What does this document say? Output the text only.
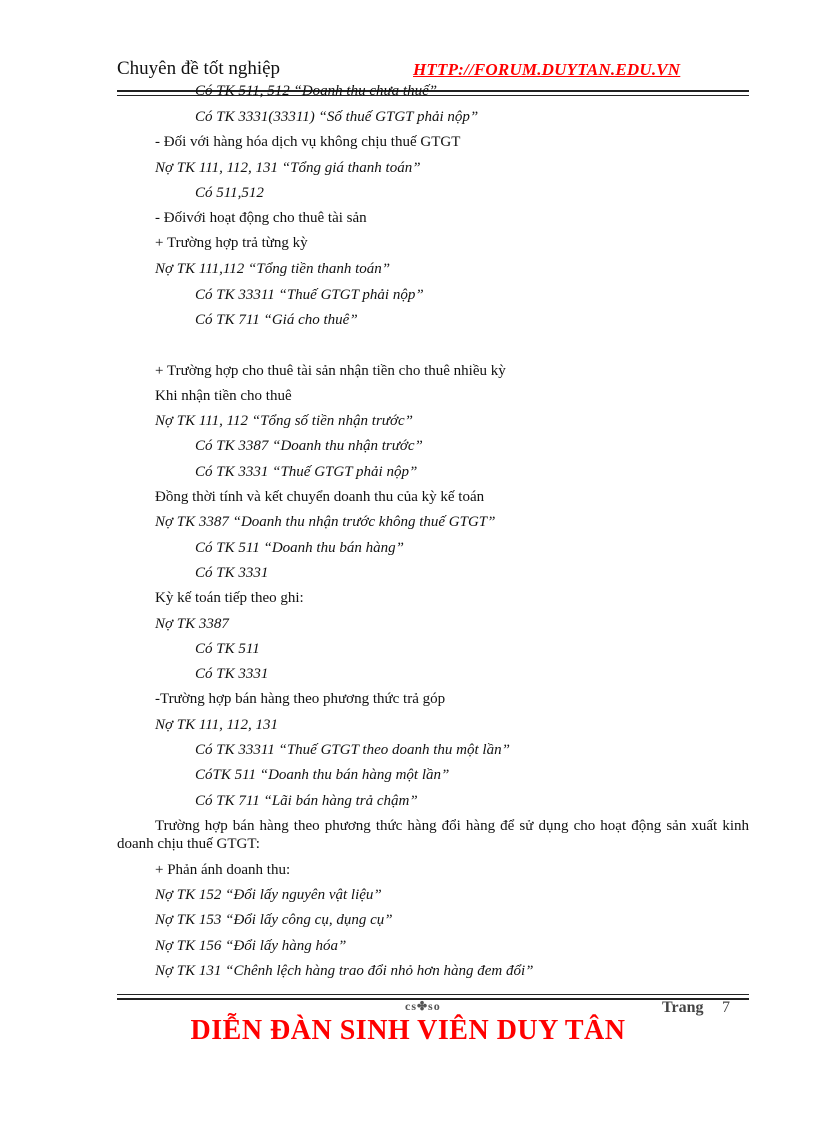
Chuyên đề tốt nghiệp	HTTP://FORUM.DUYTAN.EDU.VN
Có TK 511, 512 “Doanh thu chưa thuế”
Có TK 3331(33311) “Số thuế GTGT phải nộp”
- Đối với hàng hóa dịch vụ không chịu thuế GTGT
Nợ TK 111, 112, 131 “Tổng giá thanh toán”
Có 511,512
- Đốivới hoạt động cho thuê tài sản
+ Trường hợp trả từng kỳ
Nợ TK 111,112 “Tổng tiền thanh toán”
Có TK 33311 “Thuế GTGT phải nộp”
Có TK 711 “Giá cho thuê”
+ Trường hợp cho thuê tài sản nhận tiền cho thuê nhiều kỳ
Khi nhận tiền cho thuê
Nợ TK 111, 112 “Tổng số tiền nhận trước”
Có TK 3387 “Doanh thu nhận trước”
Có TK 3331 “Thuế GTGT phải nộp”
Đồng thời tính và kết chuyển doanh thu của kỳ kế toán
Nợ TK 3387 “Doanh thu nhận trước không thuế GTGT”
Có TK 511 “Doanh thu bán hàng”
Có TK 3331
Kỳ kế toán tiếp theo ghi:
Nợ TK 3387
Có TK 511
Có TK 3331
-Trường hợp bán hàng theo phương thức trả góp
Nợ TK 111, 112, 131
Có TK 33311 “Thuế GTGT theo doanh thu một lần”
CóTK 511 “Doanh thu bán hàng một lần”
Có TK 711 “Lãi bán hàng trả chậm”
Trường hợp bán hàng theo phương thức hàng đổi hàng để sử dụng cho hoạt động sản xuất kinh doanh chịu thuế GTGT:
+ Phản ánh doanh thu:
Nợ TK 152 “Đổi lấy nguyên vật liệu”
Nợ TK 153 “Đổi lấy công cụ, dụng cụ”
Nợ TK 156 “Đổi lấy hàng hóa”
Nợ TK 131 “Chênh lệch hàng trao đổi nhỏ hơn hàng đem đổi”
cs✤so	Trang 7
DIỄN ĐÀN SINH VIÊN DUY TÂN
